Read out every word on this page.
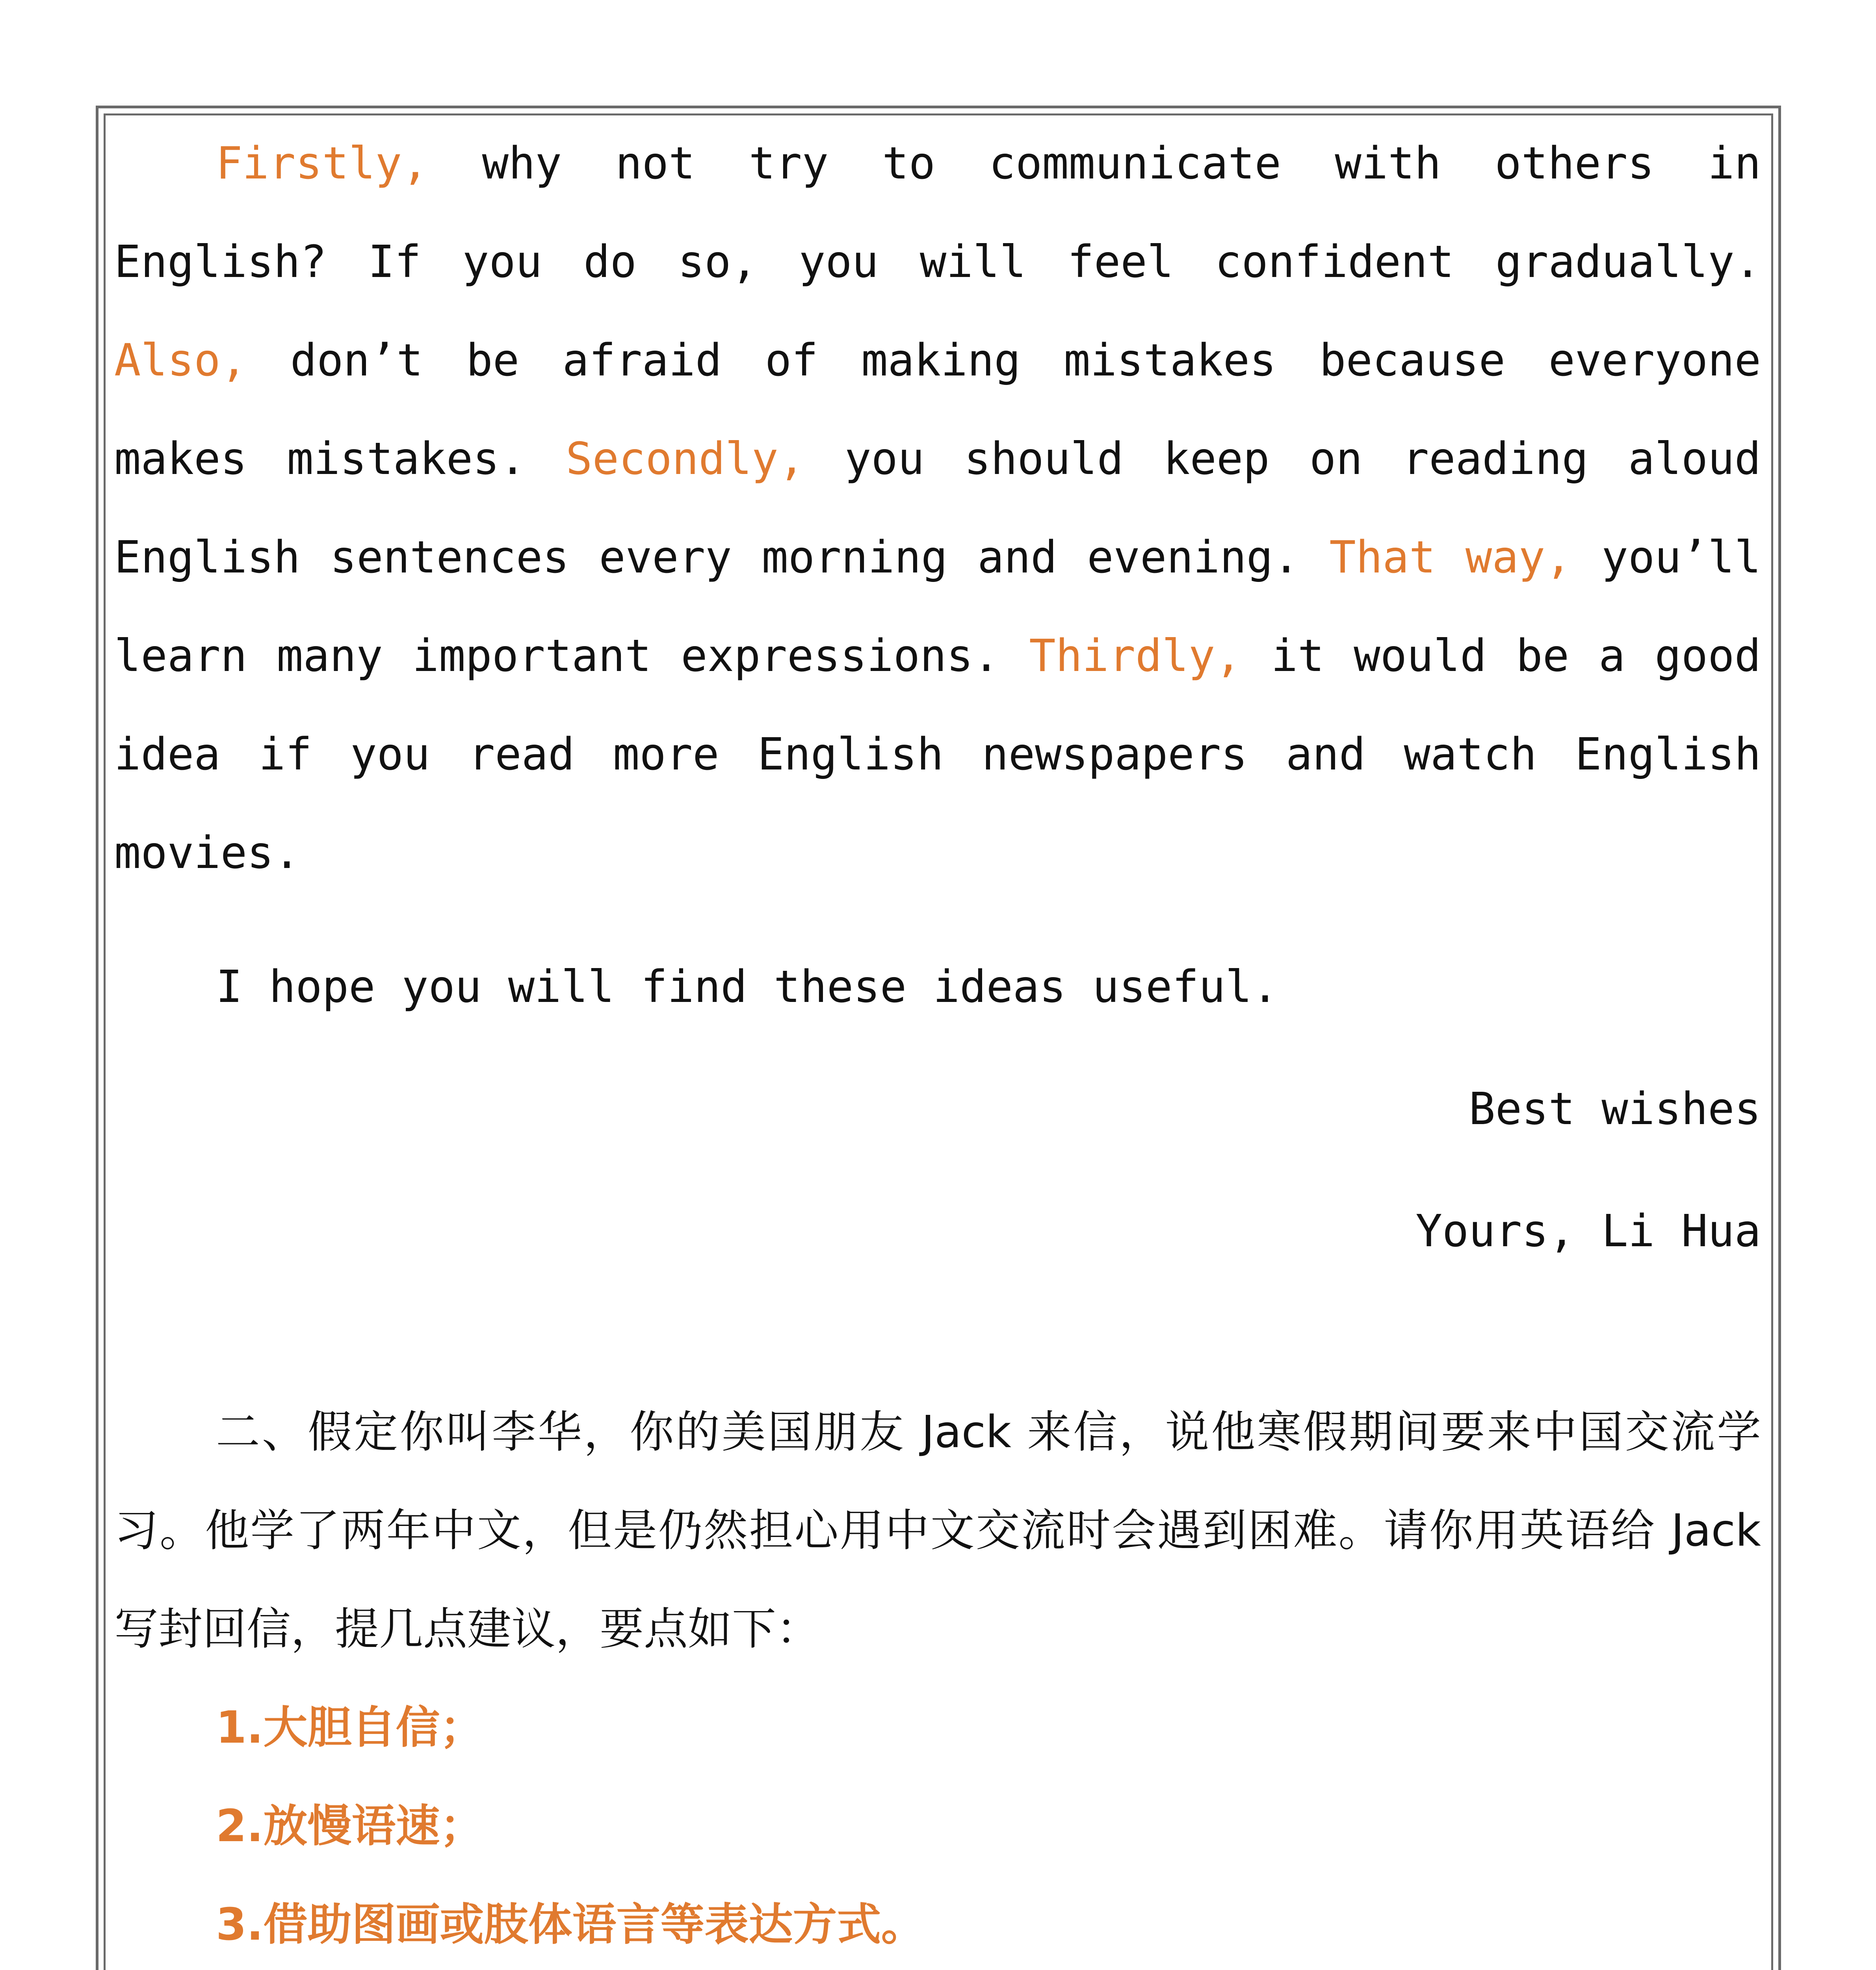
Firstly, why not try to communicate with others in English? If you do so, you will feel confident gradually. Also, don’t be afraid of making mistakes because everyone makes mistakes. Secondly, you should keep on reading aloud English sentences every morning and evening. That way, you’ll learn many important expressions. Thirdly, it would be a good idea if you read more English newspapers and watch English movies.

I hope you will find these ideas useful.

Best wishes

Yours, Li Hua

二、假定你叫李华，你的美国朋友 Jack 来信，说他寒假期间要来中国交流学习。他学了两年中文，但是仍然担心用中文交流时会遇到困难。请你用英语给 Jack 写封回信，提几点建议，要点如下：

1.大胆自信；

2.放慢语速；

3.借助图画或肢体语言等表达方式。
